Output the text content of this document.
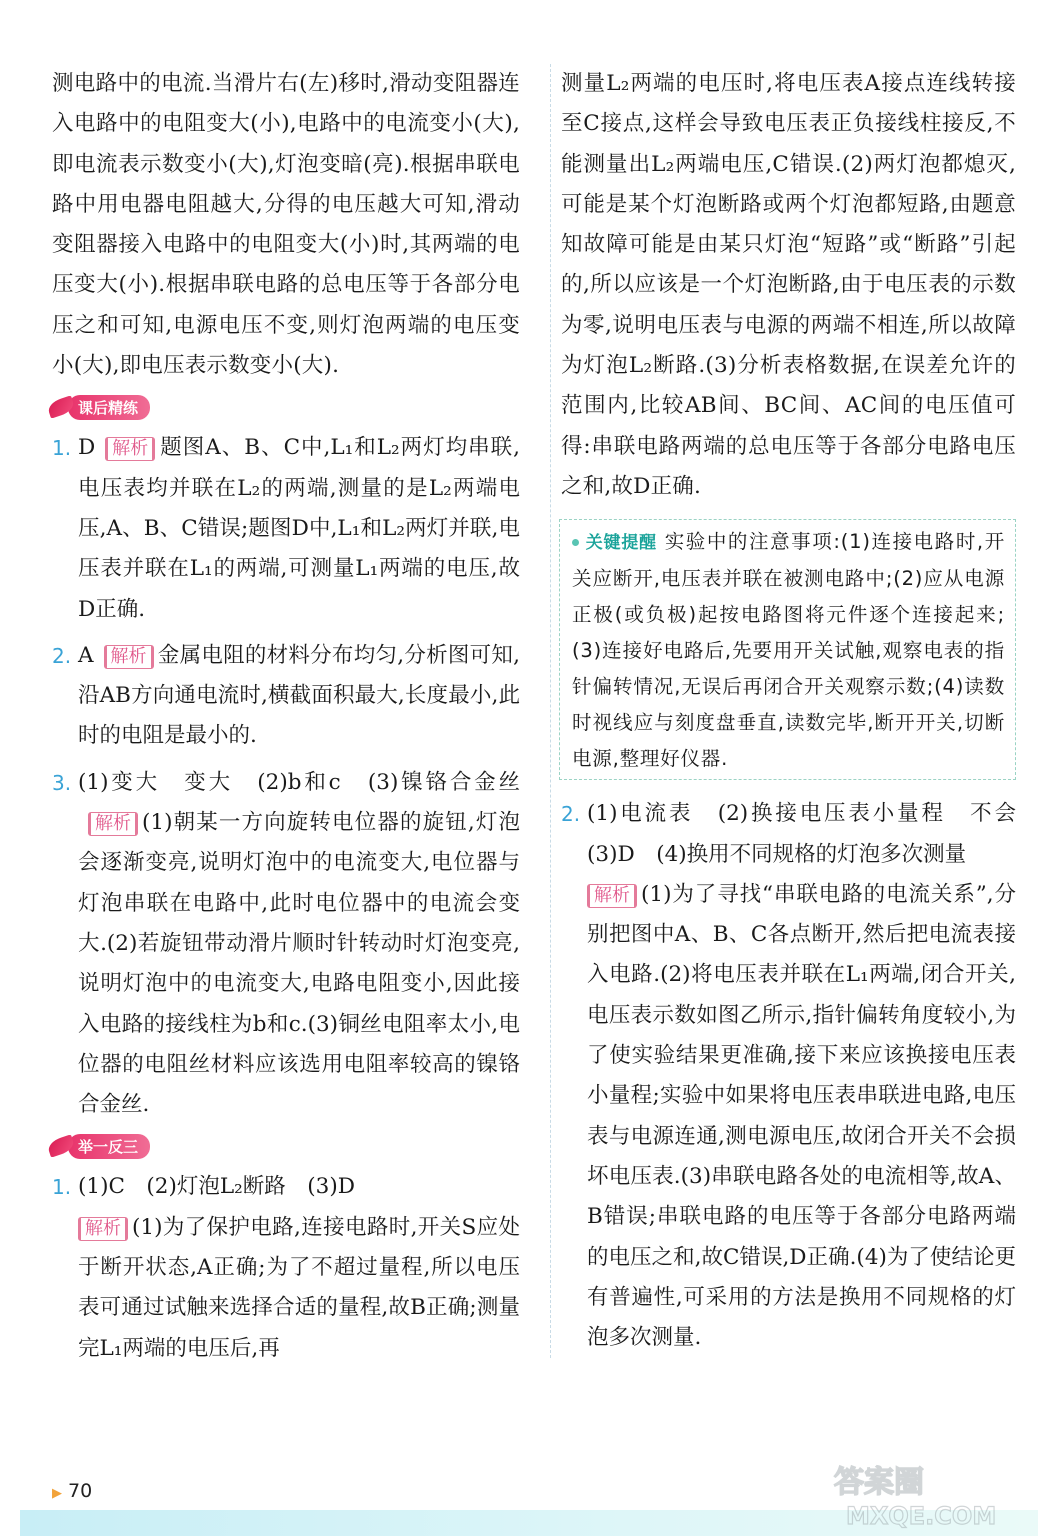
测电路中的电流.当滑片右(左)移时,滑动变阻器连入电路中的电阻变大(小),电路中的电流变小(大),即电流表示数变小(大),灯泡变暗(亮).根据串联电路中用电器电阻越大,分得的电压越大可知,滑动变阻器接入电路中的电阻变大(小)时,其两端的电压变大(小).根据串联电路的总电压等于各部分电压之和可知,电源电压不变,则灯泡两端的电压变小(大),即电压表示数变小(大).

课后精练
1. D 解析 题图A、B、C中,L₁和L₂两灯均串联,电压表均并联在L₂的两端,测量的是L₂两端电压,A、B、C错误;题图D中,L₁和L₂两灯并联,电压表并联在L₁的两端,可测量L₁两端的电压,故D正确.
2. A 解析 金属电阻的材料分布均匀,分析图可知,沿AB方向通电流时,横截面积最大,长度最小,此时的电阻是最小的.
3. (1)变大　变大　(2)b和c　(3)镍铬合金丝解析 (1)朝某一方向旋转电位器的旋钮,灯泡会逐渐变亮,说明灯泡中的电流变大,电位器与灯泡串联在电路中,此时电位器中的电流会变大.(2)若旋钮带动滑片顺时针转动时灯泡变亮,说明灯泡中的电流变大,电路电阻变小,因此接入电路的接线柱为b和c.(3)铜丝电阻率太小,电位器的电阻丝材料应该选用电阻率较高的镍铬合金丝.
举一反三
1. (1)C　(2)灯泡L₂断路　(3)D
解析 (1)为了保护电路,连接电路时,开关S应处于断开状态,A正确;为了不超过量程,所以电压表可通过试触来选择合适的量程,故B正确;测量完L₁两端的电压后,再

测量L₂两端的电压时,将电压表A接点连线转接至C接点,这样会导致电压表正负接线柱接反,不能测量出L₂两端电压,C错误.(2)两灯泡都熄灭,可能是某个灯泡断路或两个灯泡都短路,由题意知故障可能是由某只灯泡“短路”或“断路”引起的,所以应该是一个灯泡断路,由于电压表的示数为零,说明电压表与电源的两端不相连,所以故障为灯泡L₂断路.(3)分析表格数据,在误差允许的范围内,比较AB间、BC间、AC间的电压值可得:串联电路两端的总电压等于各部分电路电压之和,故D正确.

关键提醒 实验中的注意事项:(1)连接电路时,开关应断开,电压表并联在被测电路中;(2)应从电源正极(或负极)起按电路图将元件逐个连接起来;(3)连接好电路后,先要用开关试触,观察电表的指针偏转情况,无误后再闭合开关观察示数;(4)读数时视线应与刻度盘垂直,读数完毕,断开开关,切断电源,整理好仪器.

2. (1)电流表　(2)换接电压表小量程　不会　(3)D　(4)换用不同规格的灯泡多次测量
解析 (1)为了寻找“串联电路的电流关系”,分别把图中A、B、C各点断开,然后把电流表接入电路.(2)将电压表并联在L₁两端,闭合开关,电压表示数如图乙所示,指针偏转角度较小,为了使实验结果更准确,接下来应该换接电压表小量程;实验中如果将电压表串联进电路,电压表与电源连通,测电源电压,故闭合开关不会损坏电压表.(3)串联电路各处的电流相等,故A、B错误;串联电路的电压等于各部分电路两端的电压之和,故C错误,D正确.(4)为了使结论更有普遍性,可采用的方法是换用不同规格的灯泡多次测量.
▶ 70	答案圈
MXQE.COM
